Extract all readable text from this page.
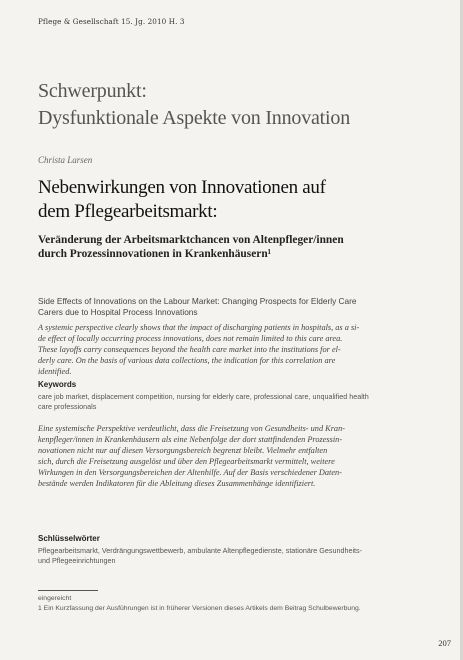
Pflege & Gesellschaft 15. Jg. 2010 H. 3
Schwerpunkt:
Dysfunktionale Aspekte von Innovation
Christa Larsen
Nebenwirkungen von Innovationen auf
dem Pflegearbeitsmarkt:
Veränderung der Arbeitsmarktchancen von Altenpfleger/innen
durch Prozessinnovationen in Krankenhäusern¹
Side Effects of Innovations on the Labour Market: Changing Prospects for Elderly Care
Carers due to Hospital Process Innovations
A systemic perspective clearly shows that the impact of discharging patients in hospitals, as a si-
de effect of locally occurring process innovations, does not remain limited to this care area.
These layoffs carry consequences beyond the health care market into the institutions for el-
derly care. On the basis of various data collections, the indication for this correlation are
identified.
Keywords
care job market, displacement competition, nursing for elderly care, professional care, unqualified health
care professionals
Eine systemische Perspektive verdeutlicht, dass die Freisetzung von Gesundheits- und Kran-
kenpfleger/innen in Krankenhäusern als eine Nebenfolge der dort stattfindenden Prozessin-
novationen nicht nur auf diesen Versorgungsbereich begrenzt bleibt. Vielmehr entfalten
sich, durch die Freisetzung ausgelöst und über den Pflegearbeitsmarkt vermittelt, weitere
Wirkungen in den Versorgungsbereichen der Altenhilfe. Auf der Basis verschiedener Daten-
bestände werden Indikatoren für die Ableitung dieses Zusammenhänge identifiziert.
Schlüsselwörter
Pflegearbeitsmarkt, Verdrängungswettbewerb, ambulante Altenpflegedienste, stationäre Gesundheits-
und Pflegeeinrichtungen
eingereicht
1 Ein Kurzfassung der Ausführungen ist in früherer Versionen dieses Artikels dem Beitrag Schulbewerbung.
207
